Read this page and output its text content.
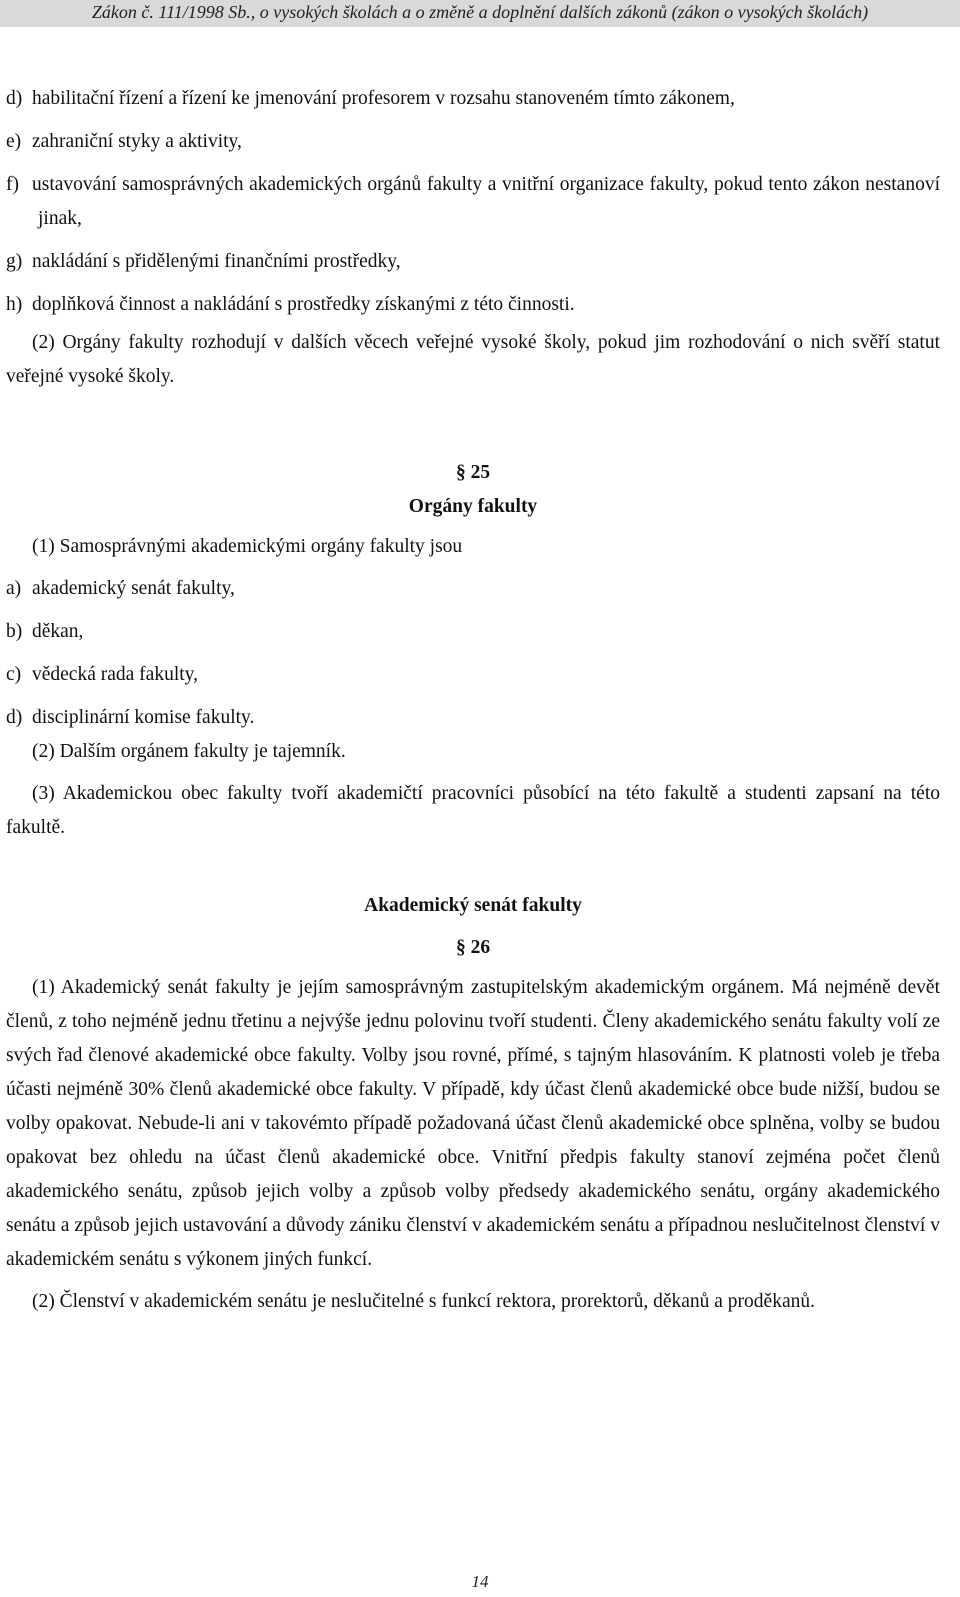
Zákon č. 111/1998 Sb., o vysokých školách a o změně a doplnění dalších zákonů (zákon o vysokých školách)
d) habilitační řízení a řízení ke jmenování profesorem v rozsahu stanoveném tímto zákonem,
e) zahraniční styky a aktivity,
f) ustavování samosprávných akademických orgánů fakulty a vnitřní organizace fakulty, pokud tento zákon nestanoví jinak,
g) nakládání s přidělenými finančními prostředky,
h) doplňková činnost a nakládání s prostředky získanými z této činnosti.

(2) Orgány fakulty rozhodují v dalších věcech veřejné vysoké školy, pokud jim rozhodování o nich svěří statut veřejné vysoké školy.

§ 25

Orgány fakulty

(1) Samosprávnými akademickými orgány fakulty jsou

a) akademický senát fakulty,
b) děkan,
c) vědecká rada fakulty,
d) disciplinární komise fakulty.

(2) Dalším orgánem fakulty je tajemník.

(3) Akademickou obec fakulty tvoří akademičtí pracovníci působící na této fakultě a studenti zapsaní na této fakultě.

Akademický senát fakulty

§ 26

(1) Akademický senát fakulty je jejím samosprávným zastupitelským akademickým orgánem. Má nejméně devět členů, z toho nejméně jednu třetinu a nejvýše jednu polovinu tvoří studenti. Členy akademického senátu fakulty volí ze svých řad členové akademické obce fakulty. Volby jsou rovné, přímé, s tajným hlasováním. K platnosti voleb je třeba účasti nejméně 30% členů akademické obce fakulty. V případě, kdy účast členů akademické obce bude nižší, budou se volby opakovat. Nebude-li ani v takovémto případě požadovaná účast členů akademické obce splněna, volby se budou opakovat bez ohledu na účast členů akademické obce. Vnitřní předpis fakulty stanoví zejména počet členů akademického senátu, způsob jejich volby a způsob volby předsedy akademického senátu, orgány akademického senátu a způsob jejich ustavování a důvody zániku členství v akademickém senátu a případnou neslučitelnost členství v akademickém senátu s výkonem jiných funkcí.

(2) Členství v akademickém senátu je neslučitelné s funkcí rektora, prorektorů, děkanů a proděkanů.

14
